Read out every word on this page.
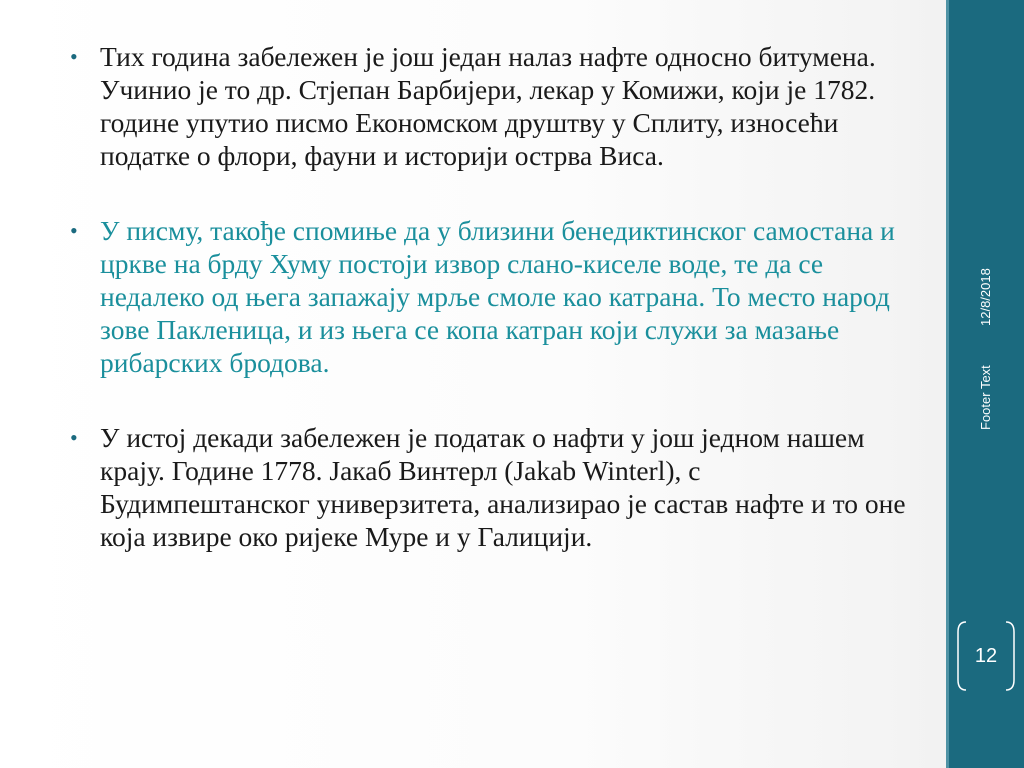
• Тих година забележен је још један налаз нафте односно битумена. Учинио је то др. Стјепан Барбијери, лекар у Комижи, који је 1782. године упутио писмо Економском друштву у Сплиту, износећи податке о флори, фауни и историји острва Виса.
• У писму, такође спомиње да у близини бенедиктинског самостана и цркве на брду Хуму постоји извор слано-киселе воде, те да се недалеко од њега запажају мрље смоле као катрана. То место народ зове Пакленица, и из њега се копа катран који служи за мазање рибарских бродова.
• У истој декади забележен је податак о нафти у још једном нашем крају. Године 1778. Јакаб Винтерл (Jakab Winterl), с Будимпештанског универзитета, анализирао је састав нафте и то оне која извире око ријеке Муре и у Галицији.
12/8/2018
Footer Text
12
